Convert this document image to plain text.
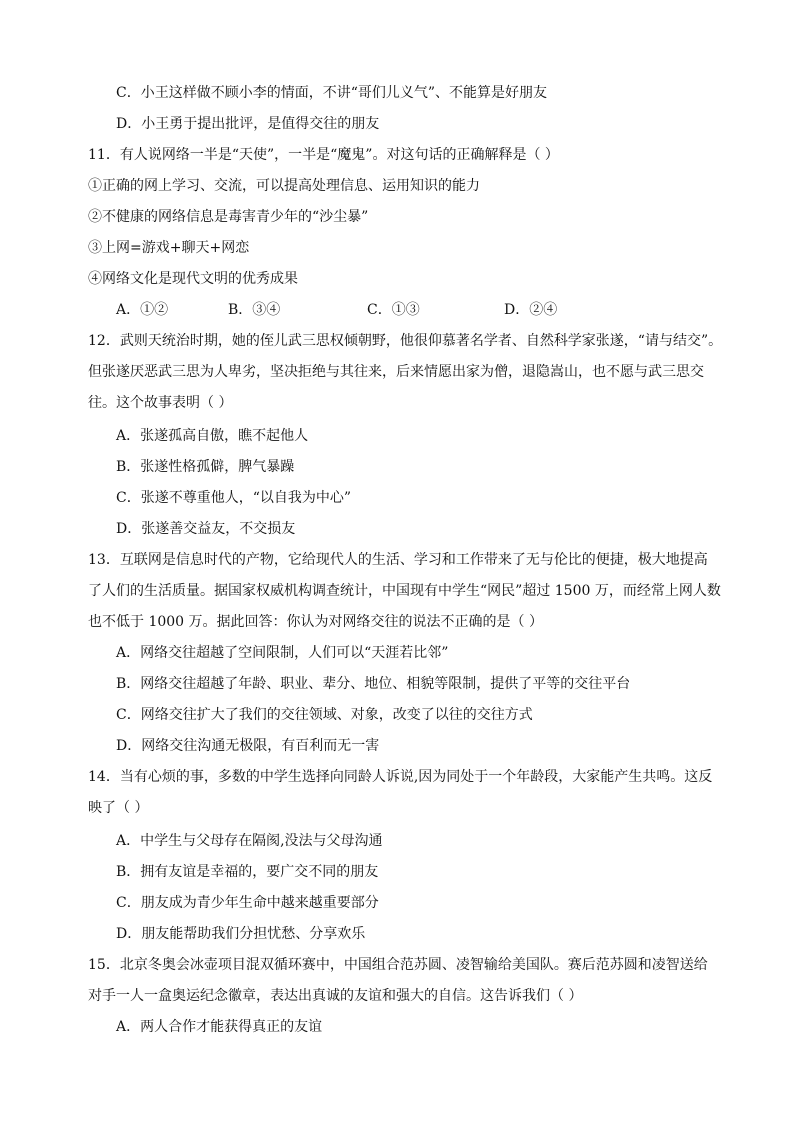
C．小王这样做不顾小李的情面，不讲“哥们儿义气”、不能算是好朋友
D．小王勇于提出批评，是值得交往的朋友
11．有人说网络一半是“天使”，一半是“魔鬼”。对这句话的正确解释是（ ）
①正确的网上学习、交流，可以提高处理信息、运用知识的能力
②不健康的网络信息是毒害青少年的“沙尘暴”
③上网=游戏+聊天+网恋
④网络文化是现代文明的优秀成果
A．①②	B．③④	C．①③	D．②④
12．武则天统治时期，她的侄儿武三思权倾朝野，他很仰慕著名学者、自然科学家张遂，“请与结交”。
但张遂厌恶武三思为人卑劣，坚决拒绝与其往来，后来情愿出家为僧，退隐嵩山，也不愿与武三思交
往。这个故事表明（ ）
A．张遂孤高自傲，瞧不起他人
B．张遂性格孤僻，脾气暴躁
C．张遂不尊重他人，“以自我为中心”
D．张遂善交益友，不交损友
13．互联网是信息时代的产物，它给现代人的生活、学习和工作带来了无与伦比的便捷，极大地提高
了人们的生活质量。据国家权威机构调查统计，中国现有中学生“网民”超过 1500 万，而经常上网人数
也不低于 1000 万。据此回答：你认为对网络交往的说法不正确的是（ ）
A．网络交往超越了空间限制，人们可以“天涯若比邻”
B．网络交往超越了年龄、职业、辈分、地位、相貌等限制，提供了平等的交往平台
C．网络交往扩大了我们的交往领域、对象，改变了以往的交往方式
D．网络交往沟通无极限，有百利而无一害
14．当有心烦的事，多数的中学生选择向同龄人诉说,因为同处于一个年龄段，大家能产生共鸣。这反
映了（ ）
A．中学生与父母存在隔阂,没法与父母沟通
B．拥有友谊是幸福的，要广交不同的朋友
C．朋友成为青少年生命中越来越重要部分
D．朋友能帮助我们分担忧愁、分享欢乐
15．北京冬奥会冰壶项目混双循环赛中，中国组合范苏圆、凌智输给美国队。赛后范苏圆和凌智送给
对手一人一盒奥运纪念徽章，表达出真诚的友谊和强大的自信。这告诉我们（ ）
A．两人合作才能获得真正的友谊
